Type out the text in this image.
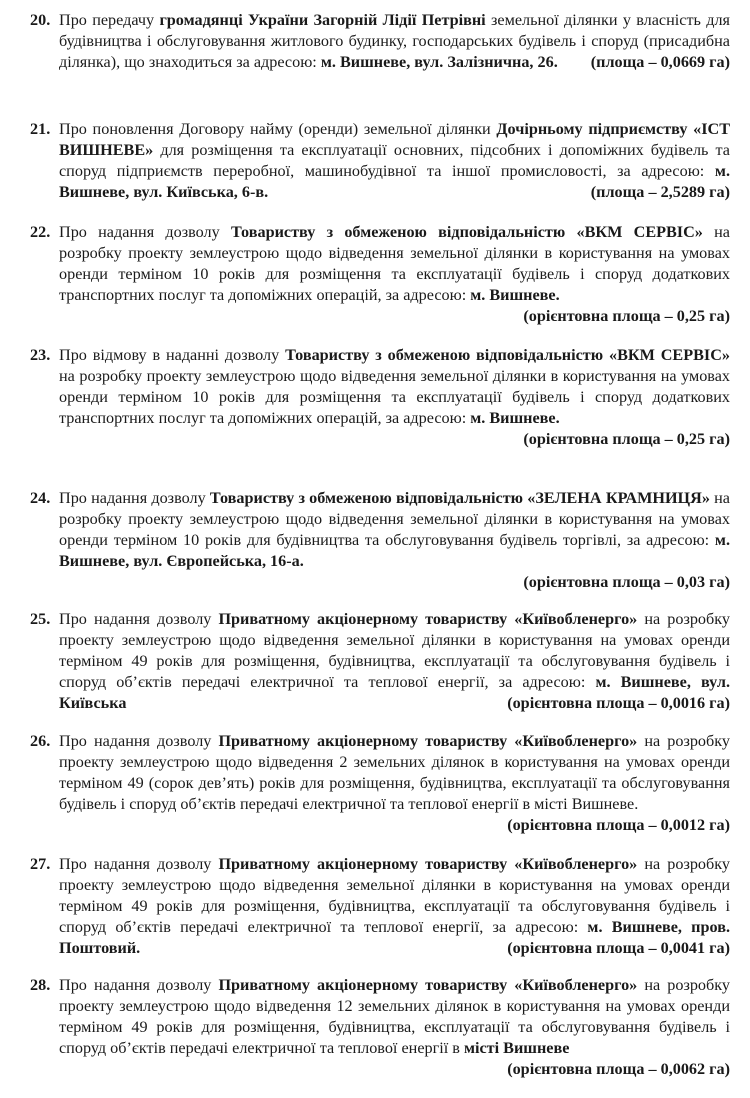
20. Про передачу громадянці України Загорній Лідії Петрівні земельної ділянки у власність для будівництва і обслуговування житлового будинку, господарських будівель і споруд (присадибна ділянка), що знаходиться за адресою: м. Вишневе, вул. Залізнична, 26. (площа – 0,0669 га)
21. Про поновлення Договору найму (оренди) земельної ділянки Дочірньому підприємству «ІСТ ВИШНЕВЕ» для розміщення та експлуатації основних, підсобних і допоміжних будівель та споруд підприємств переробної, машинобудівної та іншої промисловості, за адресою: м. Вишневе, вул. Київська, 6-в.	(площа – 2,5289 га)
22. Про надання дозволу Товариству з обмеженою відповідальністю «ВКМ СЕРВІС» на розробку проекту землеустрою щодо відведення земельної ділянки в користування на умовах оренди терміном 10 років для розміщення та експлуатації будівель і споруд додаткових транспортних послуг та допоміжних операцій, за адресою: м. Вишневе.
(орієнтовна площа – 0,25 га)
23. Про відмову в наданні дозволу Товариству з обмеженою відповідальністю «ВКМ СЕРВІС» на розробку проекту землеустрою щодо відведення земельної ділянки в користування на умовах оренди терміном 10 років для розміщення та експлуатації будівель і споруд додаткових транспортних послуг та допоміжних операцій, за адресою: м. Вишневе.
(орієнтовна площа – 0,25 га)
24. Про надання дозволу Товариству з обмеженою відповідальністю «ЗЕЛЕНА КРАМНИЦЯ» на розробку проекту землеустрою щодо відведення земельної ділянки в користування на умовах оренди терміном 10 років для будівництва та обслуговування будівель торгівлі, за адресою: м. Вишневе, вул. Європейська, 16-а.
(орієнтовна площа – 0,03 га)
25. Про надання дозволу Приватному акціонерному товариству «Київобленерго» на розробку проекту землеустрою щодо відведення земельної ділянки в користування на умовах оренди терміном 49 років для розміщення, будівництва, експлуатації та обслуговування будівель і споруд об’єктів передачі електричної та теплової енергії, за адресою: м. Вишневе, вул. Київська	(орієнтовна площа – 0,0016 га)
26. Про надання дозволу Приватному акціонерному товариству «Київобленерго» на розробку проекту землеустрою щодо відведення 2 земельних ділянок в користування на умовах оренди терміном 49 (сорок дев’ять) років для розміщення, будівництва, експлуатації та обслуговування будівель і споруд об’єктів передачі електричної та теплової енергії в місті Вишневе.
(орієнтовна площа – 0,0012 га)
27. Про надання дозволу Приватному акціонерному товариству «Київобленерго» на розробку проекту землеустрою щодо відведення земельної ділянки в користування на умовах оренди терміном 49 років для розміщення, будівництва, експлуатації та обслуговування будівель і споруд об’єктів передачі електричної та теплової енергії, за адресою: м. Вишневе, пров. Поштовий.	(орієнтовна площа – 0,0041 га)
28. Про надання дозволу Приватному акціонерному товариству «Київобленерго» на розробку проекту землеустрою щодо відведення 12 земельних ділянок в користування на умовах оренди терміном 49 років для розміщення, будівництва, експлуатації та обслуговування будівель і споруд об’єктів передачі електричної та теплової енергії в місті Вишневе
(орієнтовна площа – 0,0062 га)
